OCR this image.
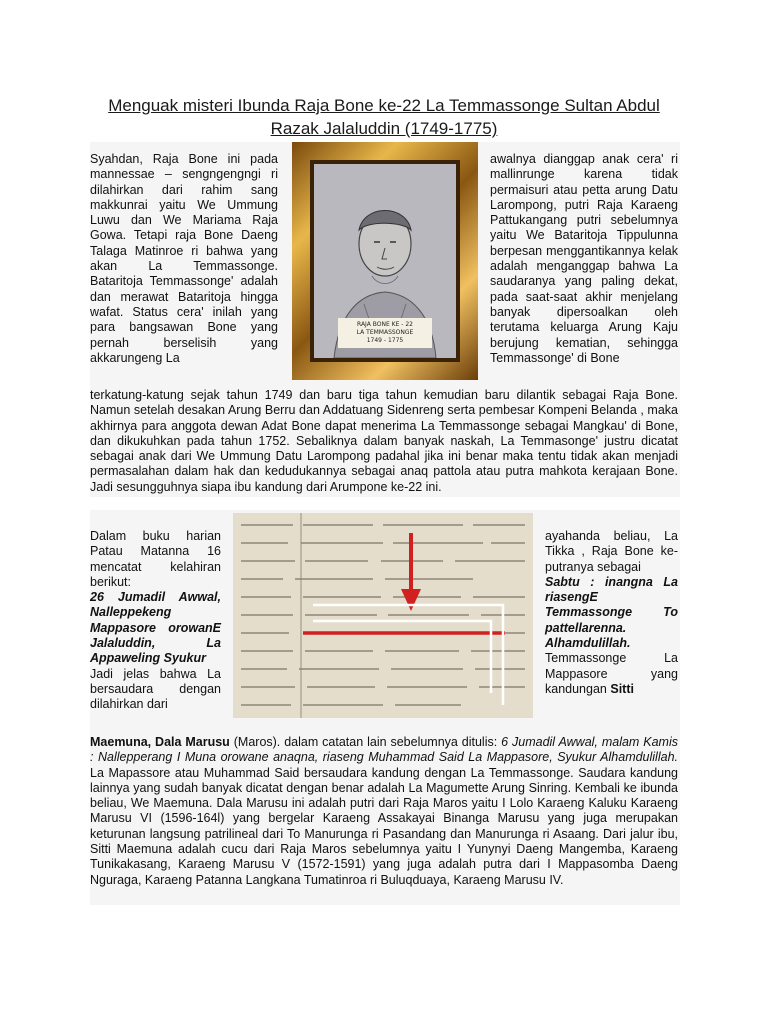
Menguak misteri Ibunda Raja Bone ke-22 La Temmassonge Sultan Abdul Razak Jalaluddin (1749-1775)

Syahdan, Raja Bone ini pada mannessae – sengngengngi ri dilahirkan dari rahim sang makkunrai yaitu We Ummung Luwu dan We Mariama Raja Gowa. Tetapi raja Bone Daeng Talaga Matinroe ri bahwa yang akan La Temmassonge. Bataritoja Temmassonge' adalah dan merawat Bataritoja hingga wafat. Status cera' inilah yang para bangsawan Bone yang pernah berselisih yang akkarungeng La

RAJA BONE KE - 22
LA TEMMASSONGE
1749 - 1775

awalnya dianggap anak cera' ri mallinrunge karena tidak permaisuri atau petta arung Datu Larompong, putri Raja Karaeng Pattukangang putri sebelumnya yaitu We Bataritoja Tippulunna berpesan menggantikannya kelak adalah menganggap bahwa La saudaranya yang paling dekat, pada saat-saat akhir menjelang banyak dipersoalkan oleh terutama keluarga Arung Kaju berujung kematian, sehingga Temmassonge' di Bone

terkatung-katung sejak tahun 1749 dan baru tiga tahun kemudian baru dilantik sebagai Raja Bone. Namun setelah desakan Arung Berru dan Addatuang Sidenreng serta pembesar Kompeni Belanda , maka akhirnya para anggota dewan Adat Bone dapat menerima La Temmassonge sebagai Mangkau' di Bone, dan dikukuhkan pada tahun 1752. Sebaliknya dalam banyak naskah, La Temmasonge' justru dicatat sebagai anak dari We Ummung Datu Larompong padahal jika ini benar maka tentu tidak akan menjadi permasalahan dalam hak dan kedudukannya sebagai anaq pattola atau putra mahkota kerajaan Bone. Jadi sesungguhnya siapa ibu kandung dari Arumpone ke-22 ini.

Dalam buku harian Patau Matanna 16 mencatat kelahiran berikut:

26 Jumadil Awwal, Nalleppekeng Mappasore orowanE Jalaluddin, La Appaweling Syukur

Jadi jelas bahwa La bersaudara dengan dilahirkan dari

ayahanda beliau, La Tikka , Raja Bone ke-putranya sebagai

Sabtu : inangna La riasengE Temmassonge To pattellarenna. Alhamdulillah.

Temmassonge La Mappasore yang kandungan Sitti

Maemuna, Dala Marusu (Maros). dalam catatan lain sebelumnya ditulis: 6 Jumadil Awwal, malam Kamis : Nallepperang I Muna orowane anaqna, riaseng Muhammad Said La Mappasore, Syukur Alhamdulillah. La Mapassore atau Muhammad Said bersaudara kandung dengan La Temmassonge. Saudara kandung lainnya yang sudah banyak dicatat dengan benar adalah La Magumette Arung Sinring. Kembali ke ibunda beliau, We Maemuna. Dala Marusu ini adalah putri dari Raja Maros yaitu I Lolo Karaeng Kaluku Karaeng Marusu VI (1596-164l) yang bergelar Karaeng Assakayai Binanga Marusu yang juga merupakan keturunan langsung patrilineal dari To Manurunga ri Pasandang dan Manurunga ri Asaang. Dari jalur ibu, Sitti Maemuna adalah cucu dari Raja Maros sebelumnya yaitu I Yunynyi Daeng Mangemba, Karaeng Tunikakasang, Karaeng Marusu V (1572-1591) yang juga adalah putra dari I Mappasomba Daeng Nguraga, Karaeng Patanna Langkana Tumatinroa ri Buluqduaya, Karaeng Marusu IV.
